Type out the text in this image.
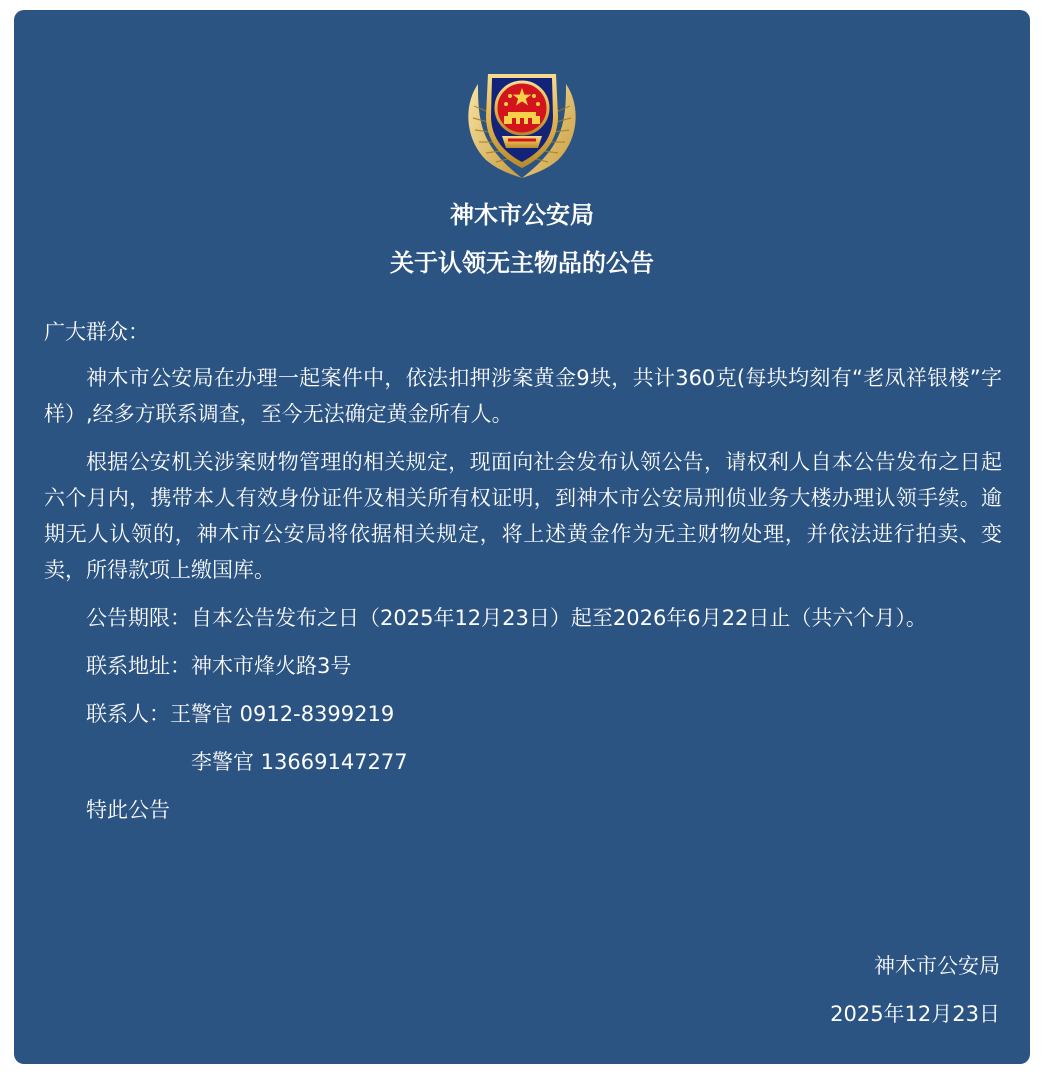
神木市公安局
关于认领无主物品的公告
广大群众：
神木市公安局在办理一起案件中，依法扣押涉案黄金9块，共计360克(每块均刻有“老凤祥银楼”字样）,经多方联系调查，至今无法确定黄金所有人。
根据公安机关涉案财物管理的相关规定，现面向社会发布认领公告，请权利人自本公告发布之日起六个月内，携带本人有效身份证件及相关所有权证明，到神木市公安局刑侦业务大楼办理认领手续。逾期无人认领的，神木市公安局将依据相关规定，将上述黄金作为无主财物处理，并依法进行拍卖、变卖，所得款项上缴国库。
公告期限：自本公告发布之日（2025年12月23日）起至2026年6月22日止（共六个月）。
联系地址：神木市烽火路3号
联系人：王警官 0912-8399219
李警官 13669147277
特此公告
神木市公安局
2025年12月23日
